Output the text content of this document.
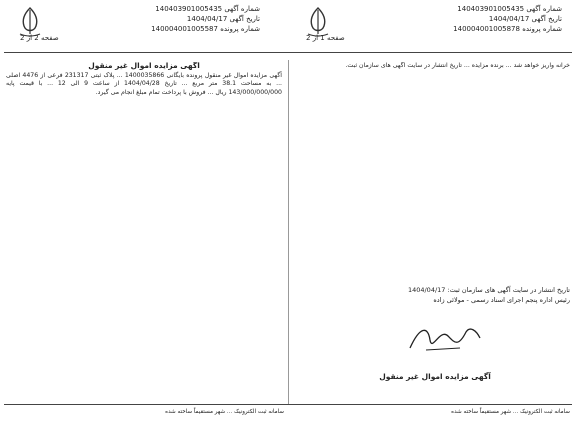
شماره آگهی 140403901005435
تاریخ آگهی 1404/04/17
شماره پرونده 140004001005587
شماره آگهی 140403901005435
تاریخ آگهی 1404/04/17
شماره پرونده 140004001005878
صفحه 2 از 2	صفحه 1 از 2

آگهی مزایده اموال غیر منقول

آگهی مزایده اموال غیر منقول پرونده بایگانی 1400035866 ... پلاک ثبتی 231317 فرعی از 4476 اصلی ... به مساحت 38.1 متر مربع ... تاریخ 1404/04/28 از ساعت 9 الی 12 ... با قیمت پایه 143/000/000/000 ریال ... فروش با پرداخت تمام مبلغ انجام می گیرد.

خرانه واریز خواهد شد ... برنده مزایده ... تاریخ انتشار در سایت آگهی های سازمان ثبت.

تاریخ انتشار در سایت آگهی های سازمان ثبت: 1404/04/17
رئیس اداره پنجم اجرای اسناد رسمی - مولائی زاده
آگهی مزایده اموال غیر منقول
سامانه ثبت الکترونیک ... شهر مستقیماً ساخته شده	سامانه ثبت الکترونیک ... شهر مستقیماً ساخته شده
